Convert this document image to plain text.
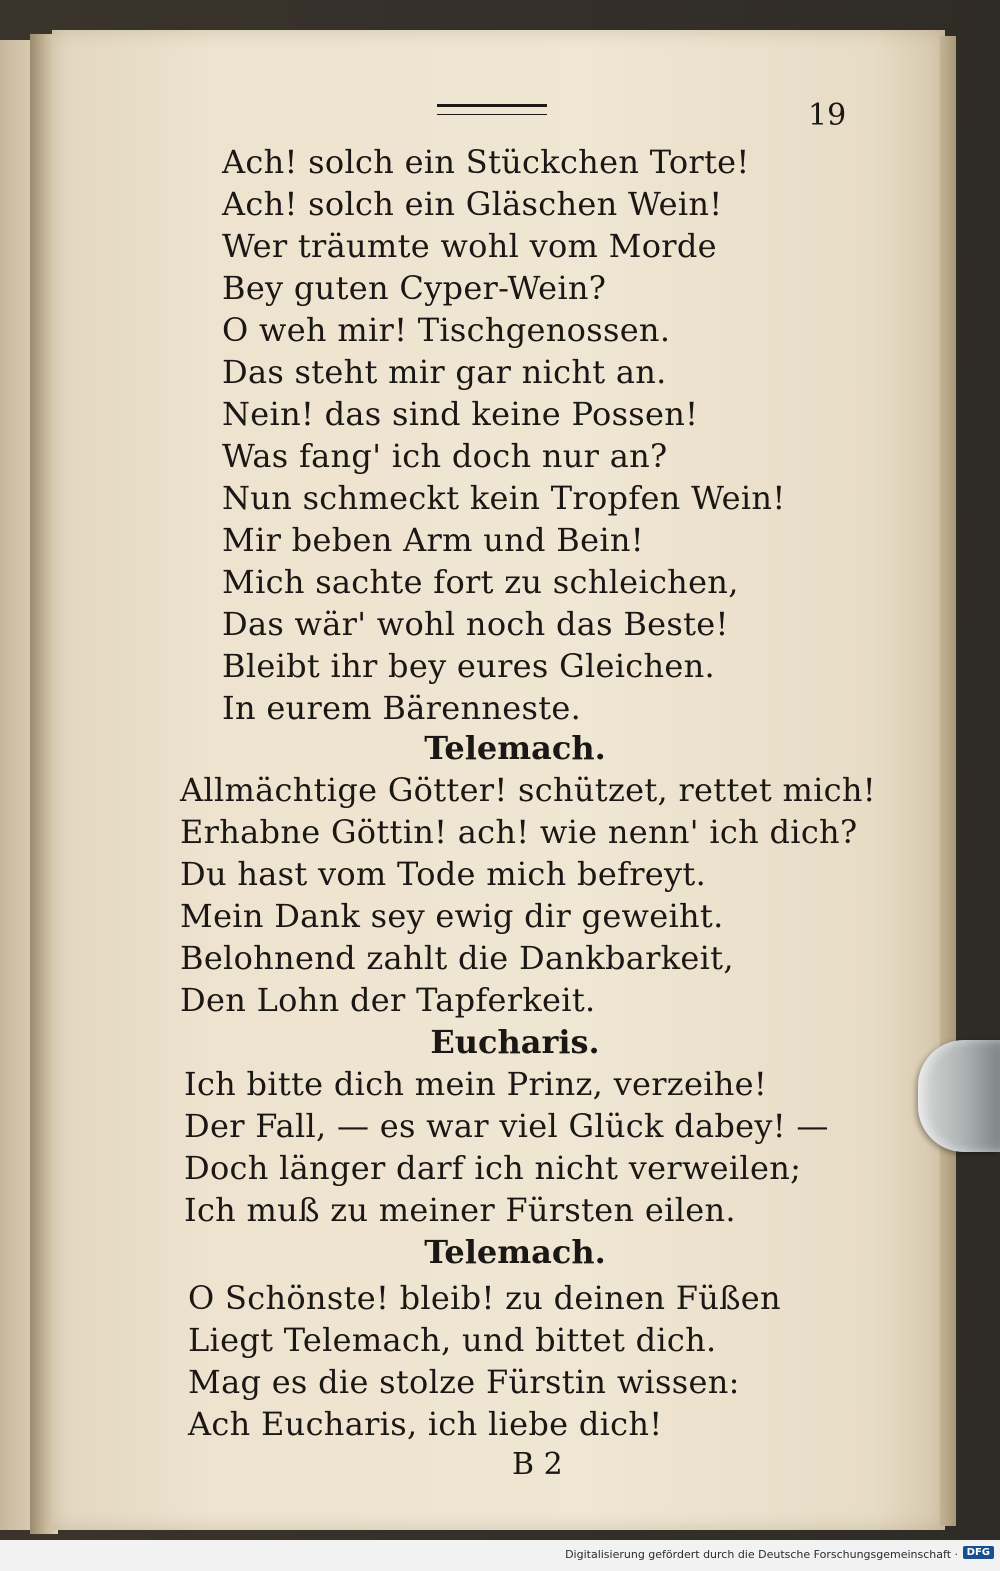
19
Ach! solch ein Stückchen Torte!
Ach! solch ein Gläschen Wein!
Wer träumte wohl vom Morde
Bey guten Cyper-Wein?
O weh mir! Tischgenossen.
Das steht mir gar nicht an.
Nein! das sind keine Possen!
Was fang' ich doch nur an?
Nun schmeckt kein Tropfen Wein!
Mir beben Arm und Bein!
Mich sachte fort zu schleichen,
Das wär' wohl noch das Beste!
Bleibt ihr bey eures Gleichen.
In eurem Bärenneste.
Telemach.
Allmächtige Götter! schützet, rettet mich!
Erhabne Göttin! ach! wie nenn' ich dich?
Du hast vom Tode mich befreyt.
Mein Dank sey ewig dir geweiht.
Belohnend zahlt die Dankbarkeit,
Den Lohn der Tapferkeit.
Eucharis.
Ich bitte dich mein Prinz, verzeihe!
Der Fall, — es war viel Glück dabey! —
Doch länger darf ich nicht verweilen;
Ich muß zu meiner Fürsten eilen.
Telemach.
O Schönste! bleib! zu deinen Füßen
Liegt Telemach, und bittet dich.
Mag es die stolze Fürstin wissen:
Ach Eucharis, ich liebe dich!
B 2
Digitalisierung gefördert durch die Deutsche Forschungsgemeinschaft · DFG
